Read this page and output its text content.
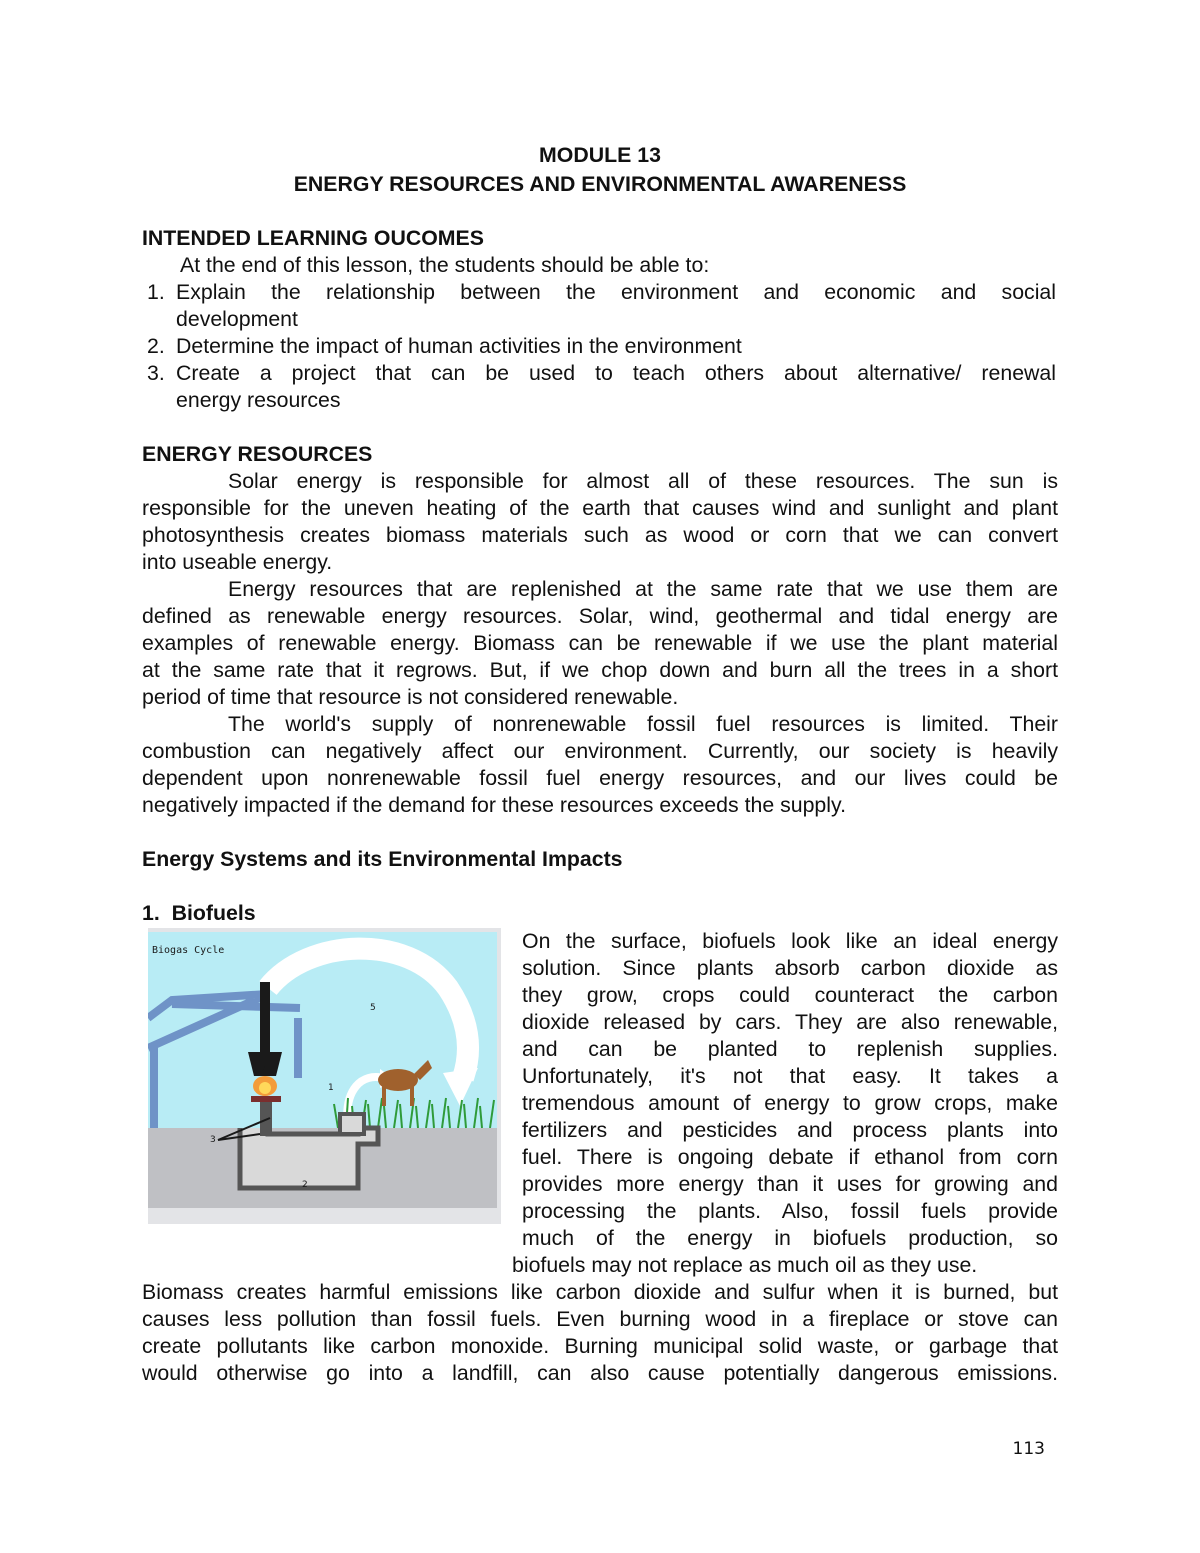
MODULE 13
ENERGY RESOURCES AND ENVIRONMENTAL AWARENESS
INTENDED LEARNING OUCOMES
At the end of this lesson, the students should be able to:
1. Explain the relationship between the environment and economic and social
development
2. Determine the impact of human activities in the environment
3. Create a project that can be used to teach others about alternative/ renewal
energy resources
ENERGY RESOURCES
Solar energy is responsible for almost all of these resources. The sun is
responsible for the uneven heating of the earth that causes wind and sunlight and plant
photosynthesis creates biomass materials such as wood or corn that we can convert
into useable energy.
Energy resources that are replenished at the same rate that we use them are
defined as renewable energy resources. Solar, wind, geothermal and tidal energy are
examples of renewable energy. Biomass can be renewable if we use the plant material
at the same rate that it regrows. But, if we chop down and burn all the trees in a short
period of time that resource is not considered renewable.
The world's supply of nonrenewable fossil fuel resources is limited. Their
combustion can negatively affect our environment. Currently, our society is heavily
dependent upon nonrenewable fossil fuel energy resources, and our lives could be
negatively impacted if the demand for these resources exceeds the supply.
Energy Systems and its Environmental Impacts
1.  Biofuels
Biogas Cycle
1
2
3
4
5
On the surface, biofuels look like an ideal energy
solution. Since plants absorb carbon dioxide as
they grow, crops could counteract the carbon
dioxide released by cars. They are also renewable,
and can be planted to replenish supplies.
Unfortunately, it's not that easy. It takes a
tremendous amount of energy to grow crops, make
fertilizers and pesticides and process plants into
fuel. There is ongoing debate if ethanol from corn
provides more energy than it uses for growing and
processing the plants. Also, fossil fuels provide
much of the energy in biofuels production, so
biofuels may not replace as much oil as they use.
Biomass creates harmful emissions like carbon dioxide and sulfur when it is burned, but
causes less pollution than fossil fuels. Even burning wood in a fireplace or stove can
create pollutants like carbon monoxide. Burning municipal solid waste, or garbage that
would otherwise go into a landfill, can also cause potentially dangerous emissions.
113
